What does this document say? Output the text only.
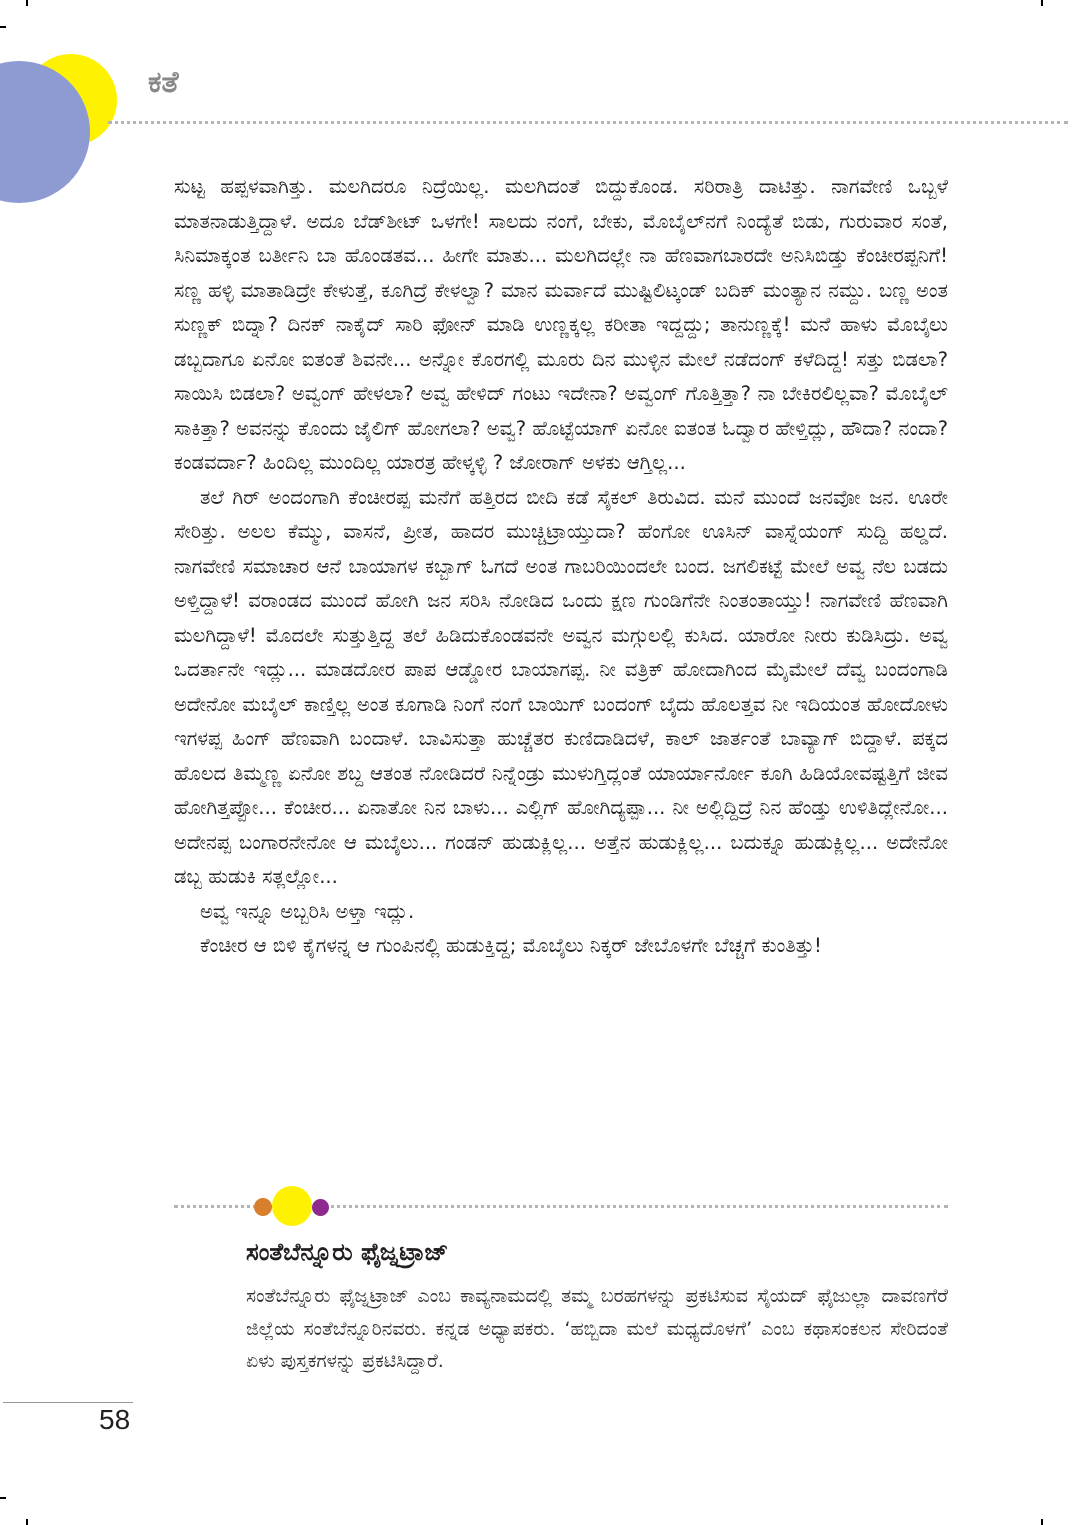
ಕತೆ

ಸುಟ್ಟ ಹಪ್ಪಳವಾಗಿತ್ತು. ಮಲಗಿದರೂ ನಿದ್ರೆಯಿಲ್ಲ. ಮಲಗಿದಂತೆ ಬಿದ್ದುಕೊಂಡ. ಸರಿರಾತ್ರಿ ದಾಟಿತ್ತು. ನಾಗವೇಣಿ ಒಬ್ಬಳೆ ಮಾತನಾಡುತ್ತಿದ್ದಾಳೆ. ಅದೂ ಬೆಡ್‌ಶೀಟ್ ಒಳಗೇ! ಸಾಲದು ನಂಗೆ, ಬೇಕು, ಮೊಬೈಲ್‌ನಗೆ ನಿಂದ್ಯೆತೆ ಬಿಡು, ಗುರುವಾರ ಸಂತೆ, ಸಿನಿಮಾಕ್ಕಂತ ಬರ್ತೀನಿ ಬಾ ಹೊಂಡತವ... ಹೀಗೇ ಮಾತು... ಮಲಗಿದಲ್ಲೇ ನಾ ಹೆಣವಾಗಬಾರದೇ ಅನಿಸಿಬಿಡ್ತು ಕೆಂಚೀರಪ್ಪನಿಗೆ! ಸಣ್ಣ ಹಳ್ಳಿ ಮಾತಾಡಿದ್ರೇ ಕೇಳುತ್ತೆ, ಕೂಗಿದ್ರೆ ಕೇಳಲ್ವಾ? ಮಾನ ಮರ್ವಾದೆ ಮುಷ್ಟಿಲಿಟ್ಕಂಡ್ ಬದಿಕ್ ಮಂತ್ಯಾನ ನಮ್ದು. ಬಣ್ಣ ಅಂತ ಸುಣ್ಣಕ್ ಬಿದ್ನಾ? ದಿನಕ್ ನಾಕೈದ್ ಸಾರಿ ಫೋನ್ ಮಾಡಿ ಉಣ್ಣಕ್ಕಲ್ಲ ಕರೀತಾ ಇದ್ದದ್ದು; ತಾನುಣ್ಣಕ್ಕೆ! ಮನೆ ಹಾಳು ಮೊಬೈಲು ಡಬ್ಬದಾಗೂ ಏನೋ ಐತಂತೆ ಶಿವನೇ... ಅನ್ನೋ ಕೊರಗಲ್ಲಿ ಮೂರು ದಿನ ಮುಳ್ಳಿನ ಮೇಲೆ ನಡೆದಂಗ್ ಕಳೆದಿದ್ದ! ಸತ್ತು ಬಿಡಲಾ? ಸಾಯಿಸಿ ಬಿಡಲಾ? ಅವ್ವಂಗ್ ಹೇಳಲಾ? ಅವ್ವ ಹೇಳಿದ್ ಗಂಟು ಇದೇನಾ? ಅವ್ವಂಗ್ ಗೊತ್ತಿತ್ತಾ? ನಾ ಬೇಕಿರಲಿಲ್ಲವಾ? ಮೊಬೈಲ್ ಸಾಕಿತ್ತಾ? ಅವನನ್ನು ಕೊಂದು ಜೈಲಿಗ್ ಹೋಗಲಾ? ಅವ್ವ? ಹೊಟ್ಟೆಯಾಗ್ ಏನೋ ಐತಂತ ಓದ್ವಾರ ಹೇಳ್ತಿದ್ಲು, ಹೌದಾ? ನಂದಾ? ಕಂಡವರ್ದಾ? ಹಿಂದಿಲ್ಲ ಮುಂದಿಲ್ಲ ಯಾರತ್ರ ಹೇಳ್ಕಳ್ಳಿ ? ಜೋರಾಗ್ ಅಳಕು ಆಗ್ತಿಲ್ಲ...

ತಲೆ ಗಿರ್ ಅಂದಂಗಾಗಿ ಕೆಂಚೀರಪ್ಪ ಮನೆಗೆ ಹತ್ತಿರದ ಬೀದಿ ಕಡೆ ಸೈಕಲ್ ತಿರುವಿದ. ಮನೆ ಮುಂದೆ ಜನವೋ ಜನ. ಊರೇ ಸೇರಿತ್ತು. ಅಲಲ ಕೆಮ್ಮು, ವಾಸನೆ, ಪ್ರೀತ, ಹಾದರ ಮುಚ್ಚಿಟ್ರಾಯ್ತುದಾ? ಹೆಂಗೋ ಊಸಿನ್ ವಾಸ್ನೆಯಂಗ್ ಸುದ್ದಿ ಹಲ್ಡದೆ. ನಾಗವೇಣಿ ಸಮಾಚಾರ ಆನೆ ಬಾಯಾಗಳ ಕಬ್ಬಾಗ್ ಓಗದೆ ಅಂತ ಗಾಬರಿಯಿಂದಲೇ ಬಂದ. ಜಗಲಿಕಟ್ಟೆ ಮೇಲೆ ಅವ್ವ ನೆಲ ಬಡದು ಅಳ್ತಿದ್ದಾಳೆ! ವರಾಂಡದ ಮುಂದೆ ಹೋಗಿ ಜನ ಸರಿಸಿ ನೋಡಿದ ಒಂದು ಕ್ಷಣ ಗುಂಡಿಗೆನೇ ನಿಂತಂತಾಯ್ತು! ನಾಗವೇಣಿ ಹೆಣವಾಗಿ ಮಲಗಿದ್ದಾಳೆ! ಮೊದಲೇ ಸುತ್ತುತ್ತಿದ್ದ ತಲೆ ಹಿಡಿದುಕೊಂಡವನೇ ಅವ್ವನ ಮಗ್ಗುಲಲ್ಲಿ ಕುಸಿದ. ಯಾರೋ ನೀರು ಕುಡಿಸಿದ್ರು. ಅವ್ವ ಒದರ್ತಾನೇ ಇದ್ಲು... ಮಾಡದೋರ ಪಾಪ ಆಡ್ಡೋರ ಬಾಯಾಗಪ್ಪ. ನೀ ವತ್ರಿಕ್ ಹೋದಾಗಿಂದ ಮೈಮೇಲೆ ದೆವ್ವ ಬಂದಂಗಾಡಿ ಅದೇನೋ ಮಬೈಲ್ ಕಾಣ್ತಿಲ್ಲ ಅಂತ ಕೂಗಾಡಿ ನಿಂಗೆ ನಂಗೆ ಬಾಯಿಗ್ ಬಂದಂಗ್ ಬೈದು ಹೊಲತ್ತವ ನೀ ಇದಿಯಂತ ಹೋದೋಳು ಇಗಳಪ್ಪ ಹಿಂಗ್ ಹೆಣವಾಗಿ ಬಂದಾಳೆ. ಬಾವಿಸುತ್ತಾ ಹುಚ್ಚೆತರ ಕುಣಿದಾಡಿದಳೆ, ಕಾಲ್ ಜಾರ್ತಂತೆ ಬಾವ್ಯಾಗ್ ಬಿದ್ದಾಳೆ. ಪಕ್ಕದ ಹೊಲದ ತಿಮ್ಮಣ್ಣ ಏನೋ ಶಬ್ದ ಆತಂತ ನೋಡಿದರೆ ನಿನ್ನೆಂಡ್ರು ಮುಳುಗ್ತಿದ್ಲಂತೆ ಯಾರ್ಯಾರ್ನೋ ಕೂಗಿ ಹಿಡಿಯೋವಷ್ಟತ್ತಿಗೆ ಜೀವ ಹೋಗಿತ್ತಪ್ಪೋ... ಕೆಂಚೀರ... ಏನಾತೋ ನಿನ ಬಾಳು... ಎಲ್ಲಿಗ್ ಹೋಗಿದ್ಯಪ್ಪಾ... ನೀ ಅಲ್ಲಿದ್ದಿದ್ರೆ ನಿನ ಹೆಂಡ್ತು ಉಳಿತಿದ್ಲೇನೋ... ಅದೇನಪ್ಪ ಬಂಗಾರನೇನೋ ಆ ಮಬೈಲು... ಗಂಡನ್ ಹುಡುಕ್ಲಿಲ್ಲ... ಅತ್ತೆನ ಹುಡುಕ್ಲಿಲ್ಲ... ಬದುಕ್ನೂ ಹುಡುಕ್ಲಿಲ್ಲ... ಅದೇನೋ ಡಬ್ಬ ಹುಡುಕಿ ಸತ್ಲಲ್ಲೋ...

ಅವ್ವ ಇನ್ನೂ ಅಬ್ಬರಿಸಿ ಅಳ್ತಾ ಇದ್ಲು.

ಕೆಂಚೀರ ಆ ಬಿಳಿ ಕೈಗಳನ್ನ ಆ ಗುಂಪಿನಲ್ಲಿ ಹುಡುಕ್ತಿದ್ದ; ಮೊಬೈಲು ನಿಕ್ಕರ್ ಜೇಬೊಳಗೇ ಬೆಚ್ಚಗೆ ಕುಂತಿತ್ತು!

ಸಂತೆಬೆನ್ನೂರು ಫೈಜ್ನಟ್ರಾಜ್

ಸಂತೆಬೆನ್ನೂರು ಫೈಜ್ನಟ್ರಾಜ್ ಎಂಬ ಕಾವ್ಯನಾಮದಲ್ಲಿ ತಮ್ಮ ಬರಹಗಳನ್ನು ಪ್ರಕಟಿಸುವ ಸೈಯದ್ ಫೈಜುಲ್ಲಾ ದಾವಣಗೆರೆ ಜಿಲ್ಲೆಯ ಸಂತೆಬೆನ್ನೂರಿನವರು. ಕನ್ನಡ ಅಧ್ಯಾಪಕರು. ‘ಹಬ್ಬಿದಾ ಮಲೆ ಮಧ್ಯದೊಳಗೆ’ ಎಂಬ ಕಥಾಸಂಕಲನ ಸೇರಿದಂತೆ ಏಳು ಪುಸ್ತಕಗಳನ್ನು ಪ್ರಕಟಿಸಿದ್ದಾರೆ.

58
